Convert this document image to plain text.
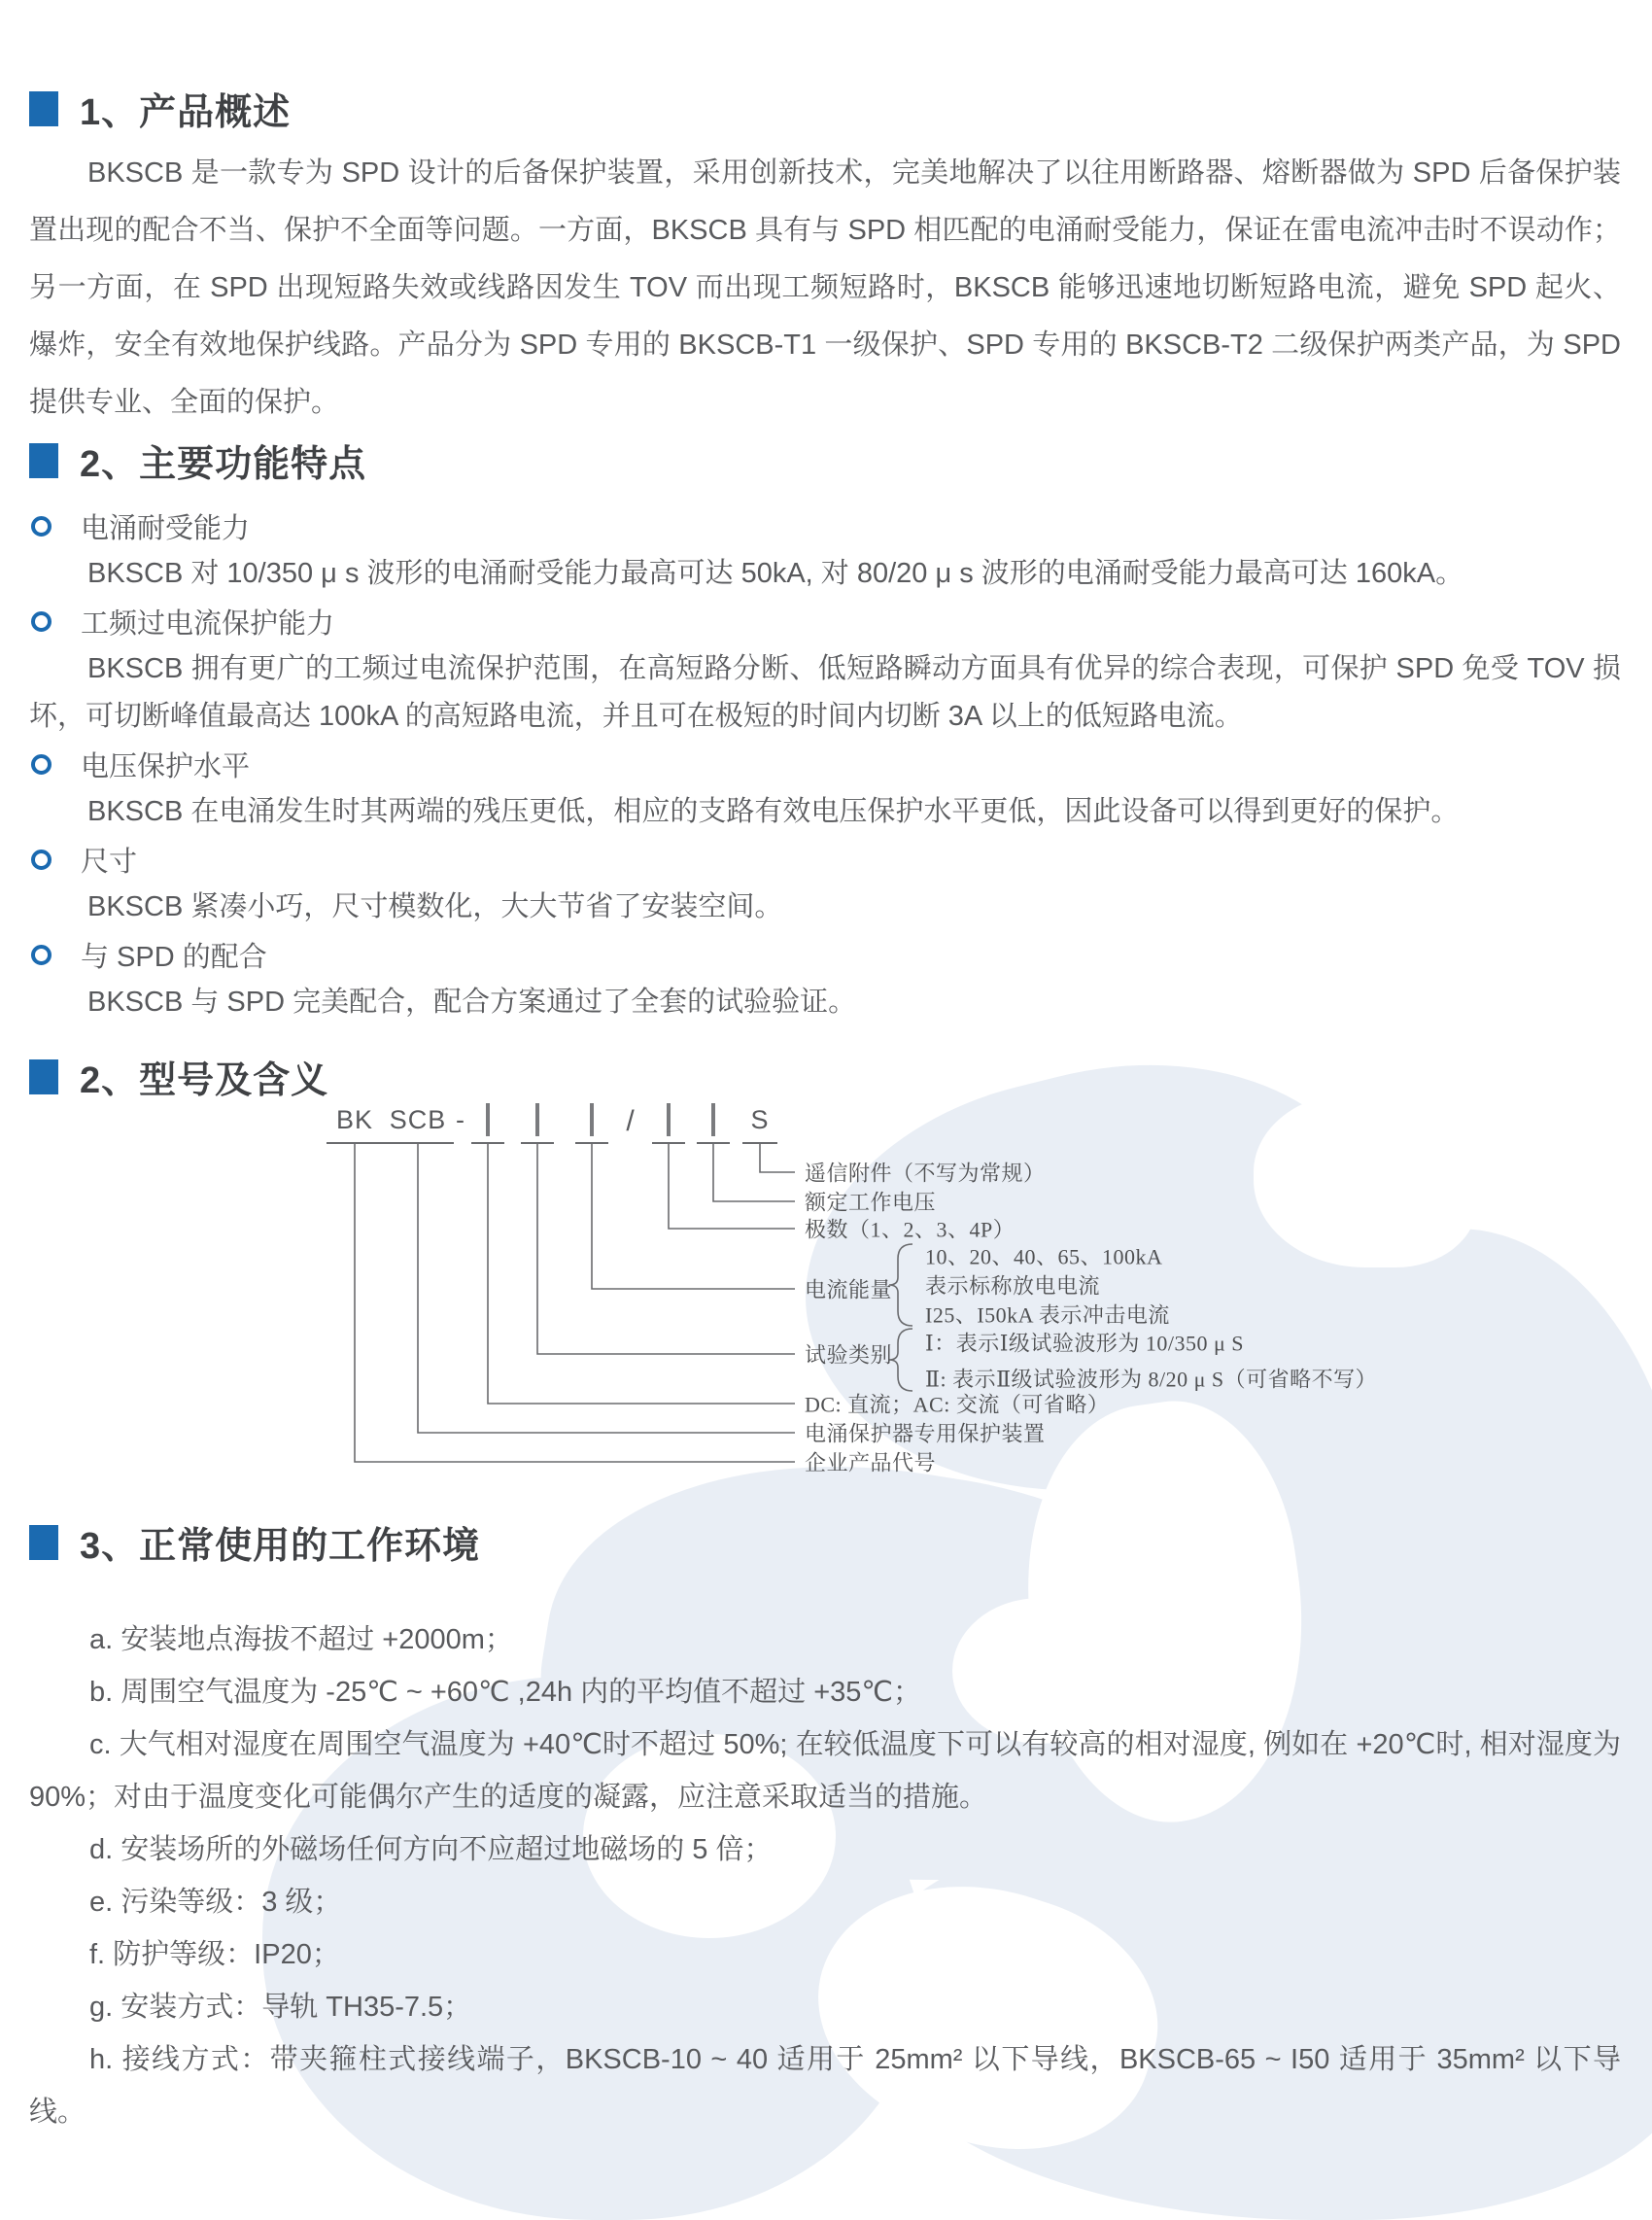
1、产品概述

BKSCB 是一款专为 SPD 设计的后备保护装置，采用创新技术，完美地解决了以往用断路器、熔断器做为 SPD 后备保护装置出现的配合不当、保护不全面等问题。一方面，BKSCB 具有与 SPD 相匹配的电涌耐受能力，保证在雷电流冲击时不误动作；另一方面，在 SPD 出现短路失效或线路因发生 TOV 而出现工频短路时，BKSCB 能够迅速地切断短路电流，避免 SPD 起火、爆炸，安全有效地保护线路。产品分为 SPD 专用的 BKSCB-T1 一级保护、SPD 专用的 BKSCB-T2 二级保护两类产品，为 SPD 提供专业、全面的保护。

2、主要功能特点
电涌耐受能力

BKSCB 对 10/350 μ s 波形的电涌耐受能力最高可达 50kA, 对 80/20 μ s 波形的电涌耐受能力最高可达 160kA。

工频过电流保护能力

BKSCB 拥有更广的工频过电流保护范围，在高短路分断、低短路瞬动方面具有优异的综合表现，可保护 SPD 免受 TOV 损坏，可切断峰值最高达 100kA 的高短路电流，并且可在极短的时间内切断 3A 以上的低短路电流。

电压保护水平

BKSCB 在电涌发生时其两端的残压更低，相应的支路有效电压保护水平更低，因此设备可以得到更好的保护。

尺寸

BKSCB 紧凑小巧，尺寸模数化，大大节省了安装空间。

与 SPD 的配合

BKSCB 与 SPD 完美配合，配合方案通过了全套的试验验证。

2、型号及含义
BK SCB -	/	S
遥信附件（不写为常规）
额定工作电压
极数（1、2、3、4P）
电流能量
10、20、40、65、100kA
表示标称放电电流
I25、I50kA 表示冲击电流
试验类别 Ⅰ：表示Ⅰ级试验波形为 10/350 μ S
Ⅱ: 表示Ⅱ级试验波形为 8/20 μ S（可省略不写）
DC: 直流；AC: 交流（可省略）
电涌保护器专用保护装置
企业产品代号
3、正常使用的工作环境

a. 安装地点海拔不超过 +2000m；

b. 周围空气温度为 -25℃ ~ +60℃ ,24h 内的平均值不超过 +35℃；

c. 大气相对湿度在周围空气温度为 +40℃时不超过 50%; 在较低温度下可以有较高的相对湿度, 例如在 +20℃时, 相对湿度为 90%；对由于温度变化可能偶尔产生的适度的凝露，应注意采取适当的措施。

d. 安装场所的外磁场任何方向不应超过地磁场的 5 倍；

e. 污染等级：3 级；

f. 防护等级：IP20；

g. 安装方式：导轨 TH35-7.5；

h. 接线方式：带夹箍柱式接线端子，BKSCB-10 ~ 40 适用于 25mm² 以下导线，BKSCB-65 ~ I50 适用于 35mm² 以下导线。
